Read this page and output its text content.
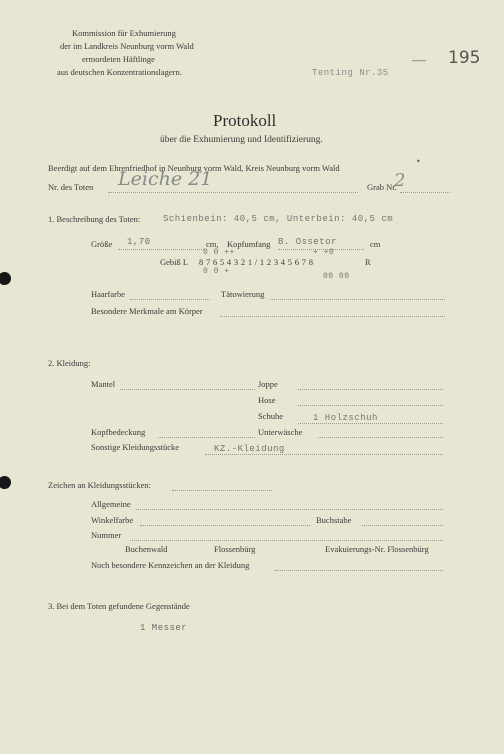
Kommission für Exhumierung
der im Landkreis Neunburg vorm Wald
ermordeten Häftlinge
aus deutschen Konzentrationslagern.	Tenting Nr.35
— 195
Protokoll
über die Exhumierung und Identifizierung.
Beerdigt auf dem Ehrenfriedhof in Neunburg vorm Wald, Kreis Neunburg vorm Wald
•
Nr. des Toten Leiche 21	Grab Nr.
2
1. Beschreibung des Toten:	Schienbein: 40,5 cm, Unterbein: 40,5 cm
Größe 1,70	cm, Kopfumfang B. Ossetor	cm
0 0 ++	+ +0
Gebiß L 8 7 6 5 4 3 2 1 / 1 2 3 4 5 6 7 8	R
0 0 +
00 00
Haarfarbe	Tätowierung
Besondere Merkmale am Körper
2. Kleidung:
Mantel	Joppe
Hose
Schuhe	1 Holzschuh
Kopfbedeckung	Unterwäsche
Sonstige Kleidungsstücke	KZ.-Kleidung
Zeichen an Kleidungsstücken:
Allgemeine
Winkelfarbe	Buchstabe
Nummer
Buchenwald	Flossenbürg	Evakuierungs-Nr. Flossenbürg
Noch besondere Kennzeichen an der Kleidung
3. Bei dem Toten gefundene Gegenstände
1 Messer
